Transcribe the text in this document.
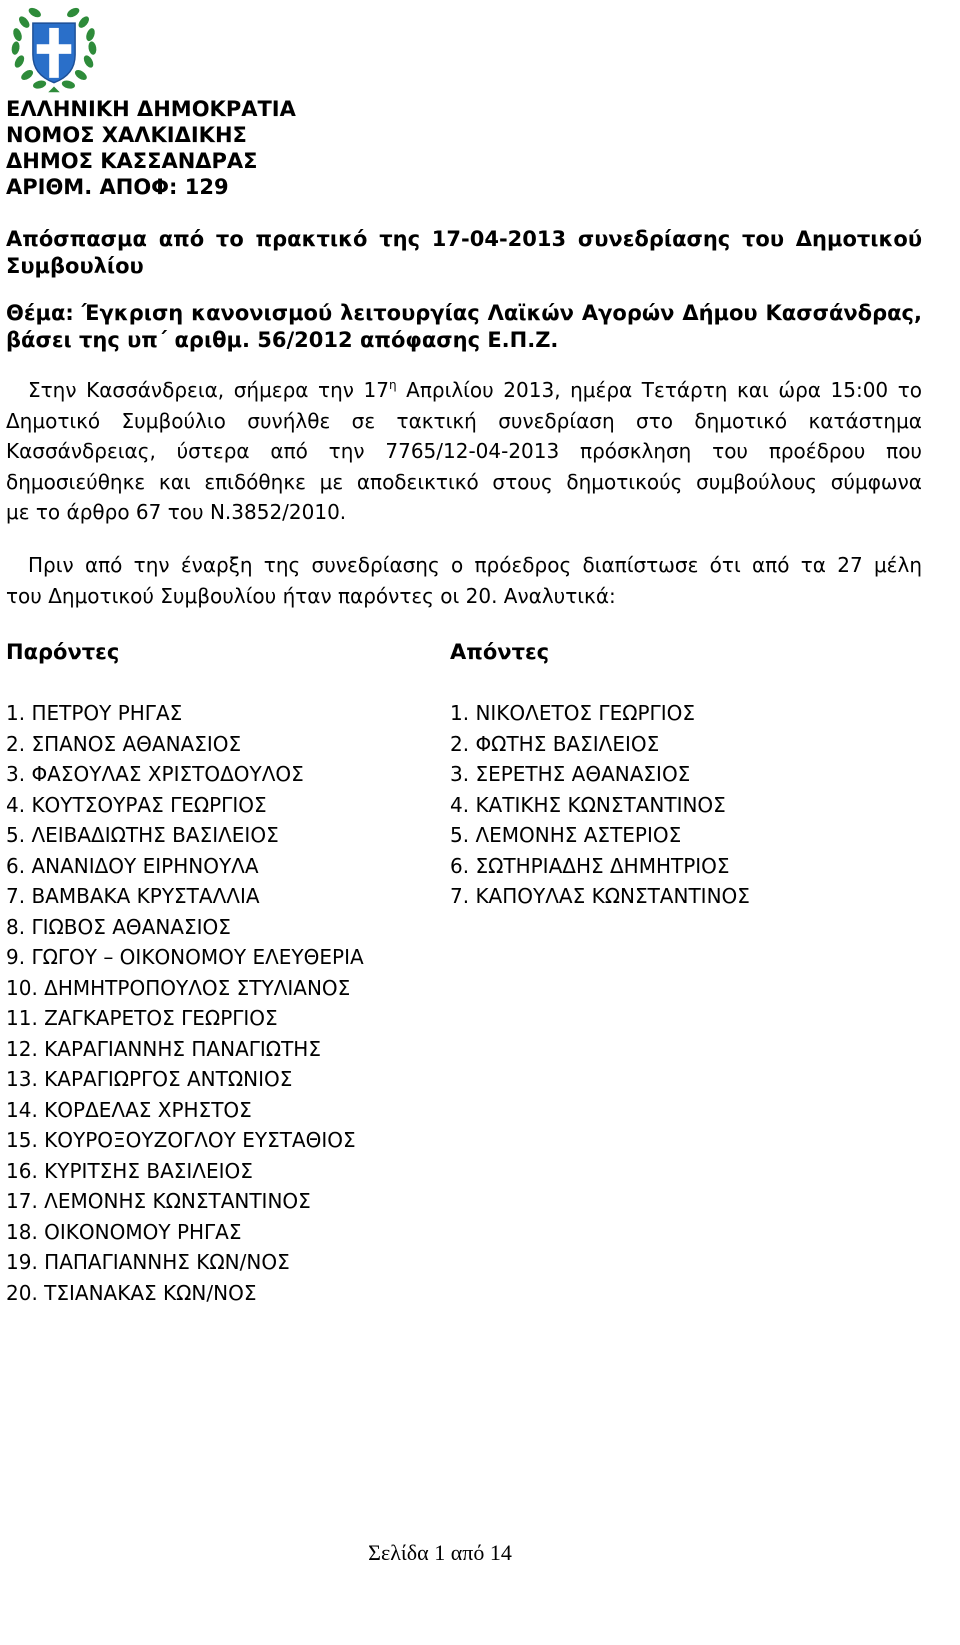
ΕΛΛΗΝΙΚΗ ΔΗΜΟΚΡΑΤΙΑ
ΝΟΜΟΣ ΧΑΛΚΙΔΙΚΗΣ
ΔΗΜΟΣ ΚΑΣΣΑΝΔΡΑΣ
ΑΡΙΘΜ. ΑΠΟΦ: 129
Απόσπασμα από το πρακτικό της 17-04-2013 συνεδρίασης του Δημοτικού
Συμβουλίου
Θέμα: Έγκριση κανονισμού λειτουργίας Λαϊκών Αγορών Δήμου Κασσάνδρας,
βάσει της υπ΄ αριθμ. 56/2012 απόφασης Ε.Π.Ζ.
Στην Κασσάνδρεια, σήμερα την $17^\eta$ Απριλίου 2013, ημέρα Τετάρτη και ώρα 15:00 το
Δημοτικό Συμβούλιο συνήλθε σε τακτική συνεδρίαση στο δημοτικό κατάστημα
Κασσάνδρειας, ύστερα από την 7765/12-04-2013 πρόσκληση του προέδρου που
δημοσιεύθηκε και επιδόθηκε με αποδεικτικό στους δημοτικούς συμβούλους σύμφωνα
με το άρθρο 67 του Ν.3852/2010.
Πριν από την έναρξη της συνεδρίασης ο πρόεδρος διαπίστωσε ότι από τα 27 μέλη
του Δημοτικού Συμβουλίου ήταν παρόντες οι 20. Αναλυτικά:
Παρόντες	Απόντες
1. ΠΕΤΡΟΥ ΡΗΓΑΣ
2. ΣΠΑΝΟΣ ΑΘΑΝΑΣΙΟΣ
3. ΦΑΣΟΥΛΑΣ ΧΡΙΣΤΟΔΟΥΛΟΣ
4. ΚΟΥΤΣΟΥΡΑΣ ΓΕΩΡΓΙΟΣ
5. ΛΕΙΒΑΔΙΩΤΗΣ ΒΑΣΙΛΕΙΟΣ
6. ΑΝΑΝΙΔΟΥ ΕΙΡΗΝΟΥΛΑ
7. ΒΑΜΒΑΚΑ ΚΡΥΣΤΑΛΛΙΑ
8. ΓΙΩΒΟΣ ΑΘΑΝΑΣΙΟΣ
9. ΓΩΓΟΥ – ΟΙΚΟΝΟΜΟΥ ΕΛΕΥΘΕΡΙΑ
10. ΔΗΜΗΤΡΟΠΟΥΛΟΣ ΣΤΥΛΙΑΝΟΣ
11. ΖΑΓΚΑΡΕΤΟΣ ΓΕΩΡΓΙΟΣ
12. ΚΑΡΑΓΙΑΝΝΗΣ ΠΑΝΑΓΙΩΤΗΣ
13. ΚΑΡΑΓΙΩΡΓΟΣ ΑΝΤΩΝΙΟΣ
14. ΚΟΡΔΕΛΑΣ ΧΡΗΣΤΟΣ
15. ΚΟΥΡΟΞΟΥΖΟΓΛΟΥ ΕΥΣΤΑΘΙΟΣ
16. ΚΥΡΙΤΣΗΣ ΒΑΣΙΛΕΙΟΣ
17. ΛΕΜΟΝΗΣ ΚΩΝΣΤΑΝΤΙΝΟΣ
18. ΟΙΚΟΝΟΜΟΥ ΡΗΓΑΣ
19. ΠΑΠΑΓΙΑΝΝΗΣ ΚΩΝ/ΝΟΣ
20. ΤΣΙΑΝΑΚΑΣ ΚΩΝ/ΝΟΣ
1. ΝΙΚΟΛΕΤΟΣ ΓΕΩΡΓΙΟΣ
2. ΦΩΤΗΣ ΒΑΣΙΛΕΙΟΣ
3. ΣΕΡΕΤΗΣ ΑΘΑΝΑΣΙΟΣ
4. ΚΑΤΙΚΗΣ ΚΩΝΣΤΑΝΤΙΝΟΣ
5. ΛΕΜΟΝΗΣ ΑΣΤΕΡΙΟΣ
6. ΣΩΤΗΡΙΑΔΗΣ ΔΗΜΗΤΡΙΟΣ
7. ΚΑΠΟΥΛΑΣ ΚΩΝΣΤΑΝΤΙΝΟΣ
Σελίδα 1 από 14
